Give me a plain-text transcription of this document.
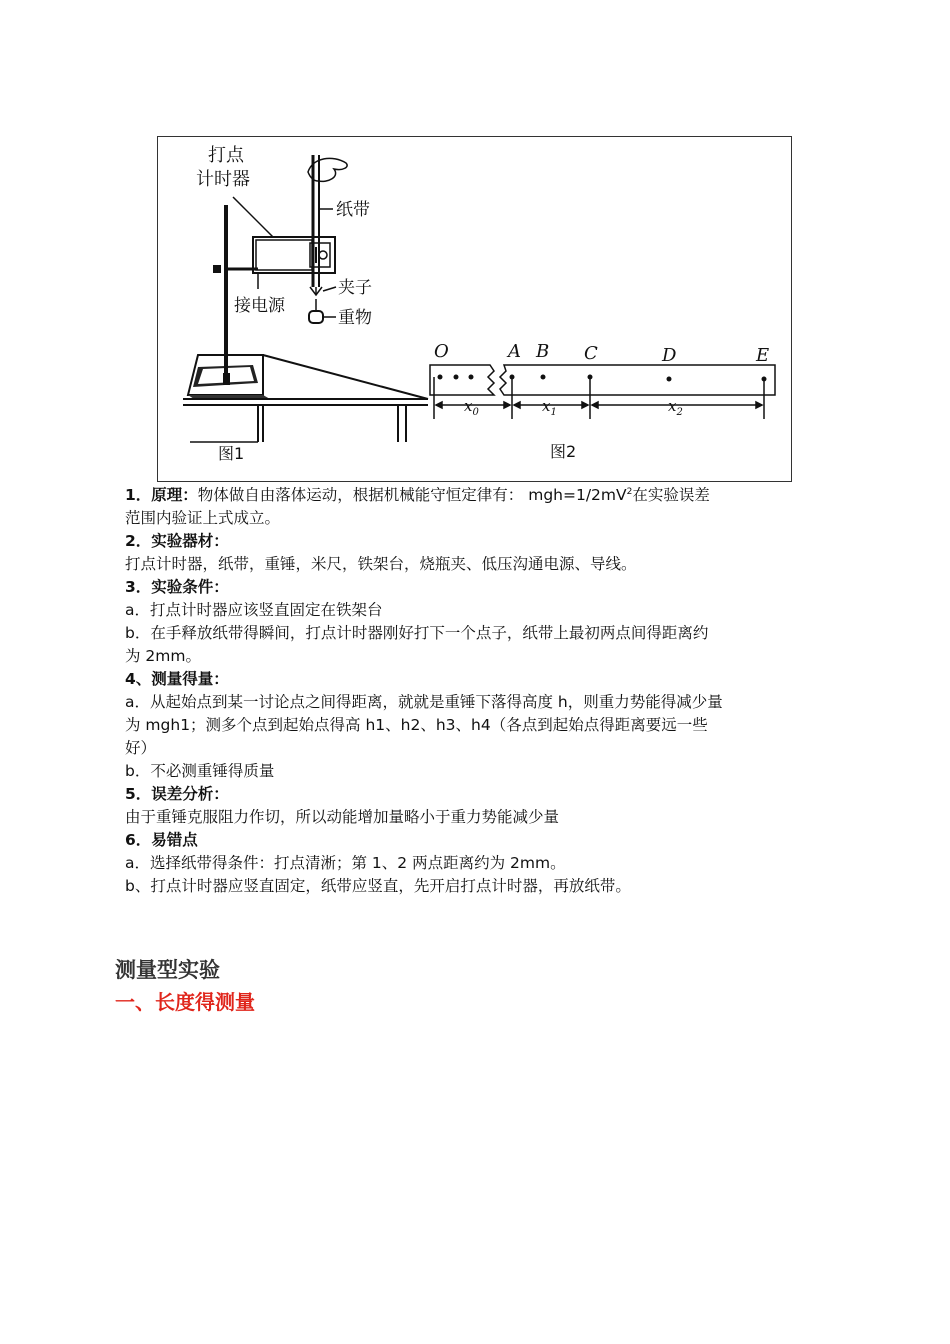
打点
计时器
纸带
接电源
夹子
重物
图1
O	A B C	D	E
$x_0$	$x_1$	$x_2$
图2
1．原理：物体做自由落体运动，根据机械能守恒定律有： $mgh=1/2mV^2$在实验误差
范围内验证上式成立。
2．实验器材：
打点计时器，纸带，重锤，米尺，铁架台，烧瓶夹、低压沟通电源、导线。
3．实验条件：
a．打点计时器应该竖直固定在铁架台
b．在手释放纸带得瞬间，打点计时器刚好打下一个点子，纸带上最初两点间得距离约
为 2mm。
4、测量得量：
a．从起始点到某一讨论点之间得距离，就就是重锤下落得高度 h，则重力势能得减少量
为 mgh1；测多个点到起始点得高 h1、h2、h3、h4（各点到起始点得距离要远一些
好）
b．不必测重锤得质量
5．误差分析：
由于重锤克服阻力作切，所以动能增加量略小于重力势能减少量
6．易错点
a．选择纸带得条件：打点清淅；第 1、2 两点距离约为 2mm。
b、打点计时器应竖直固定，纸带应竖直，先开启打点计时器，再放纸带。
测量型实验
一、长度得测量
